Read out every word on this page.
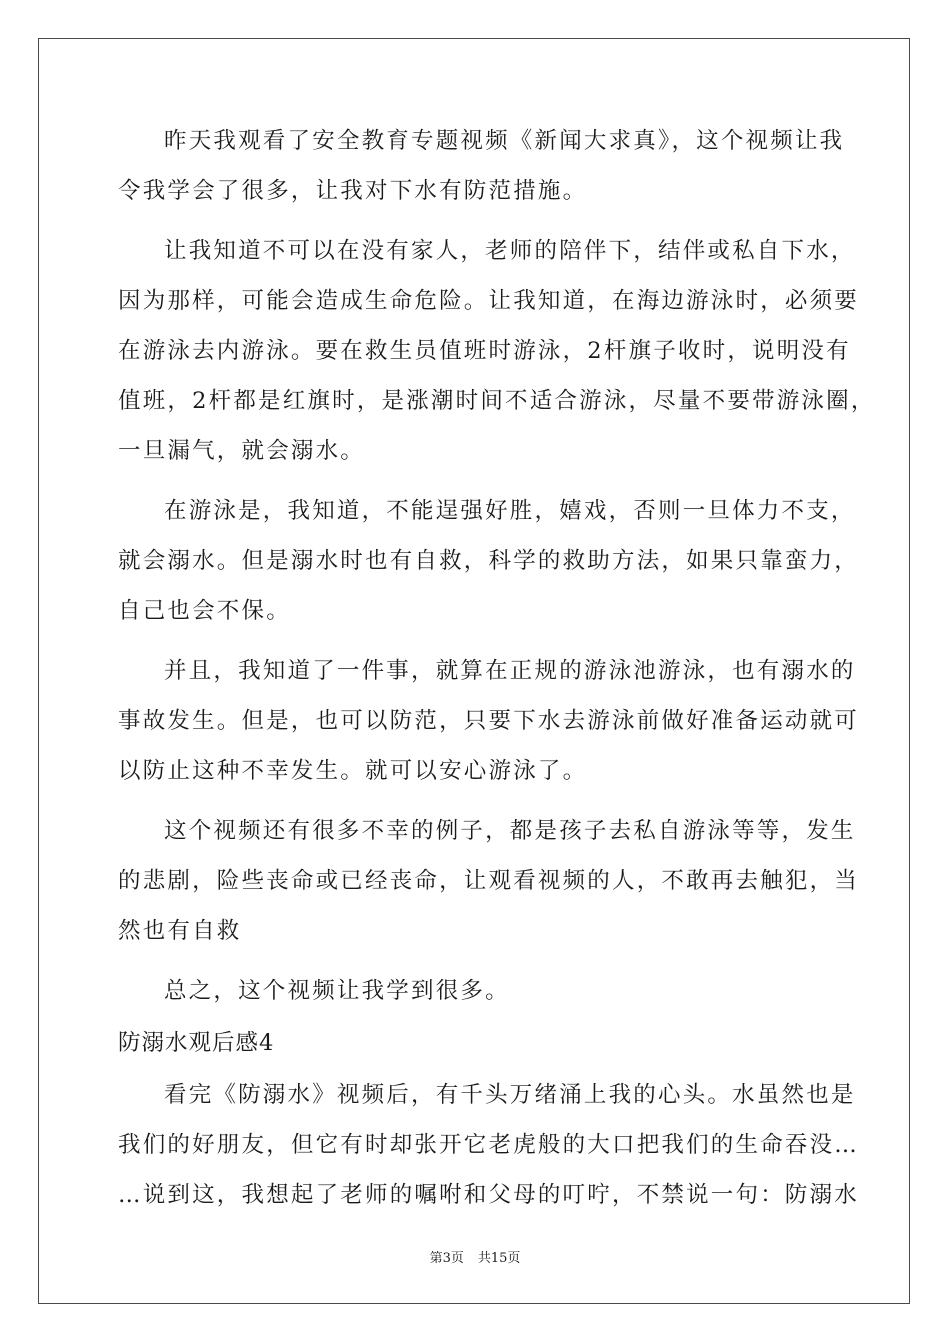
昨天我观看了安全教育专题视频《新闻大求真》，这个视频让我
令我学会了很多，让我对下水有防范措施。
让我知道不可以在没有家人，老师的陪伴下，结伴或私自下水，
因为那样，可能会造成生命危险。让我知道，在海边游泳时，必须要
在游泳去内游泳。要在救生员值班时游泳，2杆旗子收时，说明没有
值班，2杆都是红旗时，是涨潮时间不适合游泳，尽量不要带游泳圈，
一旦漏气，就会溺水。
在游泳是，我知道，不能逞强好胜，嬉戏，否则一旦体力不支，
就会溺水。但是溺水时也有自救，科学的救助方法，如果只靠蛮力，
自己也会不保。
并且，我知道了一件事，就算在正规的游泳池游泳，也有溺水的
事故发生。但是，也可以防范，只要下水去游泳前做好准备运动就可
以防止这种不幸发生。就可以安心游泳了。
这个视频还有很多不幸的例子，都是孩子去私自游泳等等，发生
的悲剧，险些丧命或已经丧命，让观看视频的人，不敢再去触犯，当
然也有自救
总之，这个视频让我学到很多。
防溺水观后感4
看完《防溺水》视频后，有千头万绪涌上我的心头。水虽然也是
我们的好朋友，但它有时却张开它老虎般的大口把我们的生命吞没…
…说到这，我想起了老师的嘱咐和父母的叮咛，不禁说一句：防溺水
第3页 共15页
